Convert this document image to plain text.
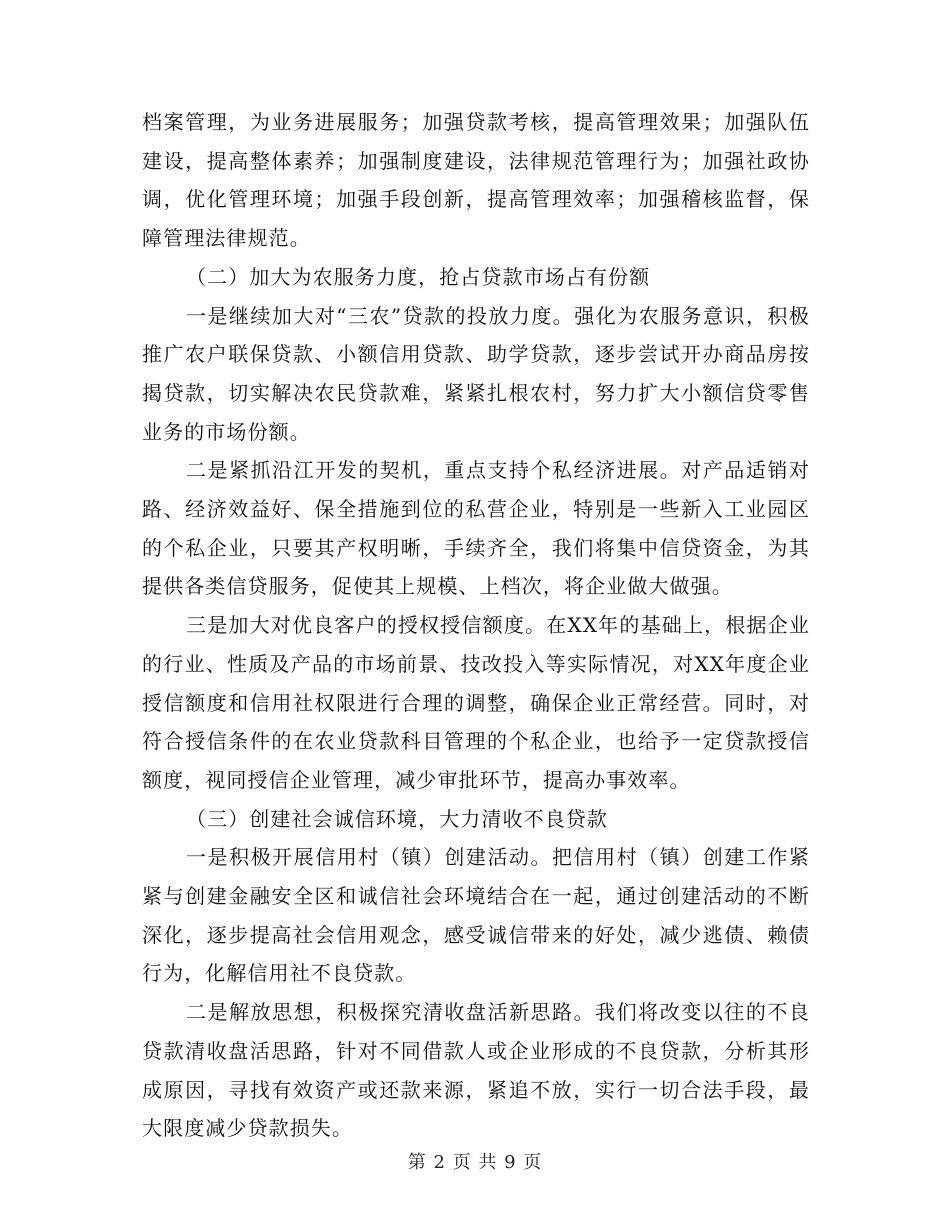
档案管理，为业务进展服务；加强贷款考核，提高管理效果；加强队伍建设，提高整体素养；加强制度建设，法律规范管理行为；加强社政协调，优化管理环境；加强手段创新，提高管理效率；加强稽核监督，保障管理法律规范。

（二）加大为农服务力度，抢占贷款市场占有份额

一是继续加大对“三农”贷款的投放力度。强化为农服务意识，积极推广农户联保贷款、小额信用贷款、助学贷款，逐步尝试开办商品房按揭贷款，切实解决农民贷款难，紧紧扎根农村，努力扩大小额信贷零售业务的市场份额。

二是紧抓沿江开发的契机，重点支持个私经济进展。对产品适销对路、经济效益好、保全措施到位的私营企业，特别是一些新入工业园区的个私企业，只要其产权明晰，手续齐全，我们将集中信贷资金，为其提供各类信贷服务，促使其上规模、上档次，将企业做大做强。

三是加大对优良客户的授权授信额度。在XX年的基础上，根据企业的行业、性质及产品的市场前景、技改投入等实际情况，对XX年度企业授信额度和信用社权限进行合理的调整，确保企业正常经营。同时，对符合授信条件的在农业贷款科目管理的个私企业，也给予一定贷款授信额度，视同授信企业管理，减少审批环节，提高办事效率。

（三）创建社会诚信环境，大力清收不良贷款

一是积极开展信用村（镇）创建活动。把信用村（镇）创建工作紧紧与创建金融安全区和诚信社会环境结合在一起，通过创建活动的不断深化，逐步提高社会信用观念，感受诚信带来的好处，减少逃债、赖债行为，化解信用社不良贷款。

二是解放思想，积极探究清收盘活新思路。我们将改变以往的不良贷款清收盘活思路，针对不同借款人或企业形成的不良贷款，分析其形成原因，寻找有效资产或还款来源，紧追不放，实行一切合法手段，最大限度减少贷款损失。

第 2 页 共 9 页
